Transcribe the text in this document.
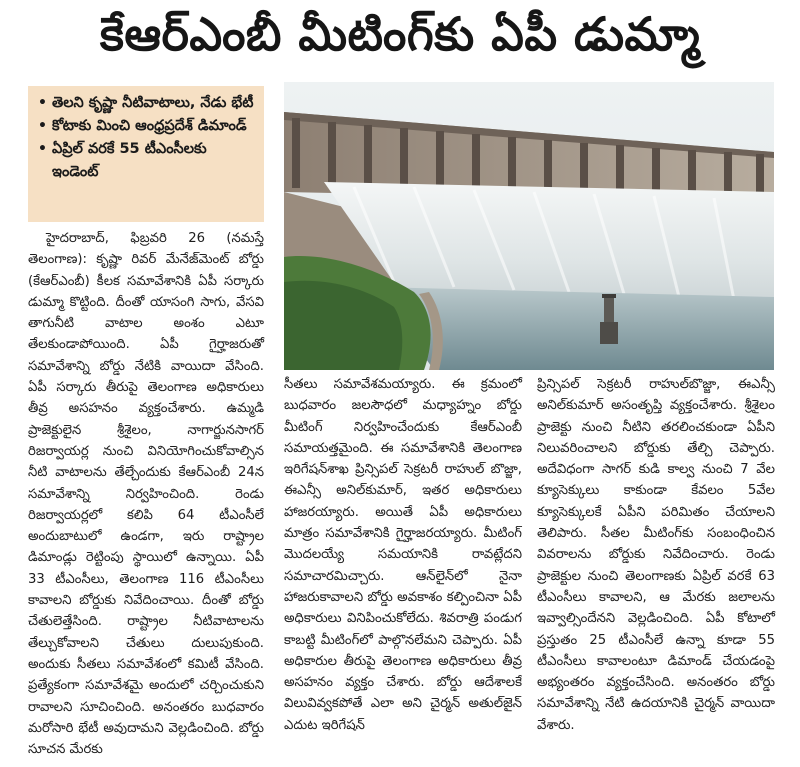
కేఆర్‌ఎంబీ మీటింగ్‌కు ఏపీ డుమ్మా
• తెలని కృష్ణా నీటివాటాలు, నేడు భేటీ
• కోటాకు మించి ఆంధ్రప్రదేశ్ డిమాండ్
• ఏప్రిల్ వరకే 55 టీఎంసీలకు ఇండెంట్

హైదరాబాద్, ఫిబ్రవరి 26 (నమస్తే తెలంగాణ): కృష్ణా రివర్ మేనేజ్‌మెంట్ బోర్డు (కేఆర్ఎంబీ) కీలక సమావేశానికి ఏపీ సర్కారు డుమ్మా కొట్టింది. దీంతో యాసంగి సాగు, వేసవి తాగునీటి వాటాల అంశం ఎటూ తేలకుండాపోయింది. ఏపీ గైర్హాజరుతో సమావేశాన్ని బోర్డు నేటికి వాయిదా వేసింది. ఏపీ సర్కారు తీరుపై తెలంగాణ అధికారులు తీవ్ర అసహనం వ్యక్తంచేశారు. ఉమ్మడి ప్రాజెక్టులైన శ్రీశైలం, నాగార్జునసాగర్ రిజర్వాయర్ల నుంచి వినియోగించుకోవాల్సిన నీటి వాటాలను తేల్చేందుకు కేఆర్ఎంబీ 24న సమావేశాన్ని నిర్వహించింది. రెండు రిజర్వాయర్లలో కలిపి 64 టీఎంసీలే అందుబాటులో ఉండగా, ఇరు రాష్ట్రాల డిమాండ్లు రెట్టింపు స్థాయిలో ఉన్నాయి. ఏపీ 33 టీఎంసీలు, తెలంగాణ 116 టీఎంసీలు కావాలని బోర్డుకు నివేదించాయి. దీంతో బోర్డు చేతులెత్తేసింది. రాష్ట్రాల నీటివాటాలను తేల్చుకోవాలని చేతులు దులుపుకుంది. అందుకు సీతలు సమావేశంలో కమిటీ వేసింది. ప్రత్యేకంగా సమావేశమై అందులో చర్చించుకుని రావాలని సూచించింది. అనంతరం బుధవారం మరోసారి భేటీ అవుదామని వెల్లడించింది. బోర్డు సూచన మేరకు

సీతలు సమావేశమయ్యారు. ఈ క్రమంలో బుధవారం జలసౌధలో మధ్యాహ్నం బోర్డు మీటింగ్ నిర్వహించేందుకు కేఆర్ఎంబీ సమాయత్తమైంది. ఈ సమావేశానికి తెలంగాణ ఇరిగేషన్‌శాఖ ప్రిన్సిపల్ సెక్రటరీ రాహుల్ బొజ్జా, ఈఎన్సీ అనిల్‌కుమార్, ఇతర అధికారులు హాజరయ్యారు. అయితే ఏపీ అధికారులు మాత్రం సమావేశానికి గైర్హాజరయ్యారు. మీటింగ్ మొదలయ్యే సమయానికి రావట్లేదని సమాచారమిచ్చారు. ఆన్‌లైన్‌లో నైనా హాజరుకావాలని బోర్డు అవకాశం కల్పించినా ఏపీ అధికారులు వినిపించుకోలేదు. శివరాత్రి పండుగ కాబట్టి మీటింగ్‌లో పాల్గొనలేమని చెప్పారు. ఏపీ అధికారుల తీరుపై తెలంగాణ అధికారులు తీవ్ర అసహనం వ్యక్తం చేశారు. బోర్డు ఆదేశాలకే విలువివ్వకపోతే ఎలా అని చైర్మన్ అతుల్‌జైన్ ఎదుట ఇరిగేషన్

ప్రిన్సిపల్ సెక్రటరీ రాహుల్‌బొజ్జా, ఈఎన్సీ అనిల్‌కుమార్ అసంతృప్తి వ్యక్తంచేశారు. శ్రీశైలం ప్రాజెక్టు నుంచి నీటిని తరలించకుండా ఏపీని నిలువరించాలని బోర్డుకు తేల్చి చెప్పారు. అదేవిధంగా సాగర్ కుడి కాల్వ నుంచి 7 వేల క్యూసెక్కులు కాకుండా కేవలం 5వేల క్యూసెక్కులకే ఏపీని పరిమితం చేయాలని తెలిపారు. సీతల మీటింగ్‌కు సంబంధించిన వివరాలను బోర్డుకు నివేదించారు. రెండు ప్రాజెక్టుల నుంచి తెలంగాణకు ఏప్రిల్ వరకే 63 టీఎంసీలు కావాలని, ఆ మేరకు జలాలను ఇవ్వాల్సిందేనని వెల్లడించింది. ఏపీ కోటాలో ప్రస్తుతం 25 టీఎంసీలే ఉన్నా కూడా 55 టీఎంసీలు కావాలంటూ డిమాండ్ చేయడంపై అభ్యంతరం వ్యక్తంచేసింది. అనంతరం బోర్డు సమావేశాన్ని నేటి ఉదయానికి చైర్మన్ వాయిదా వేశారు.
